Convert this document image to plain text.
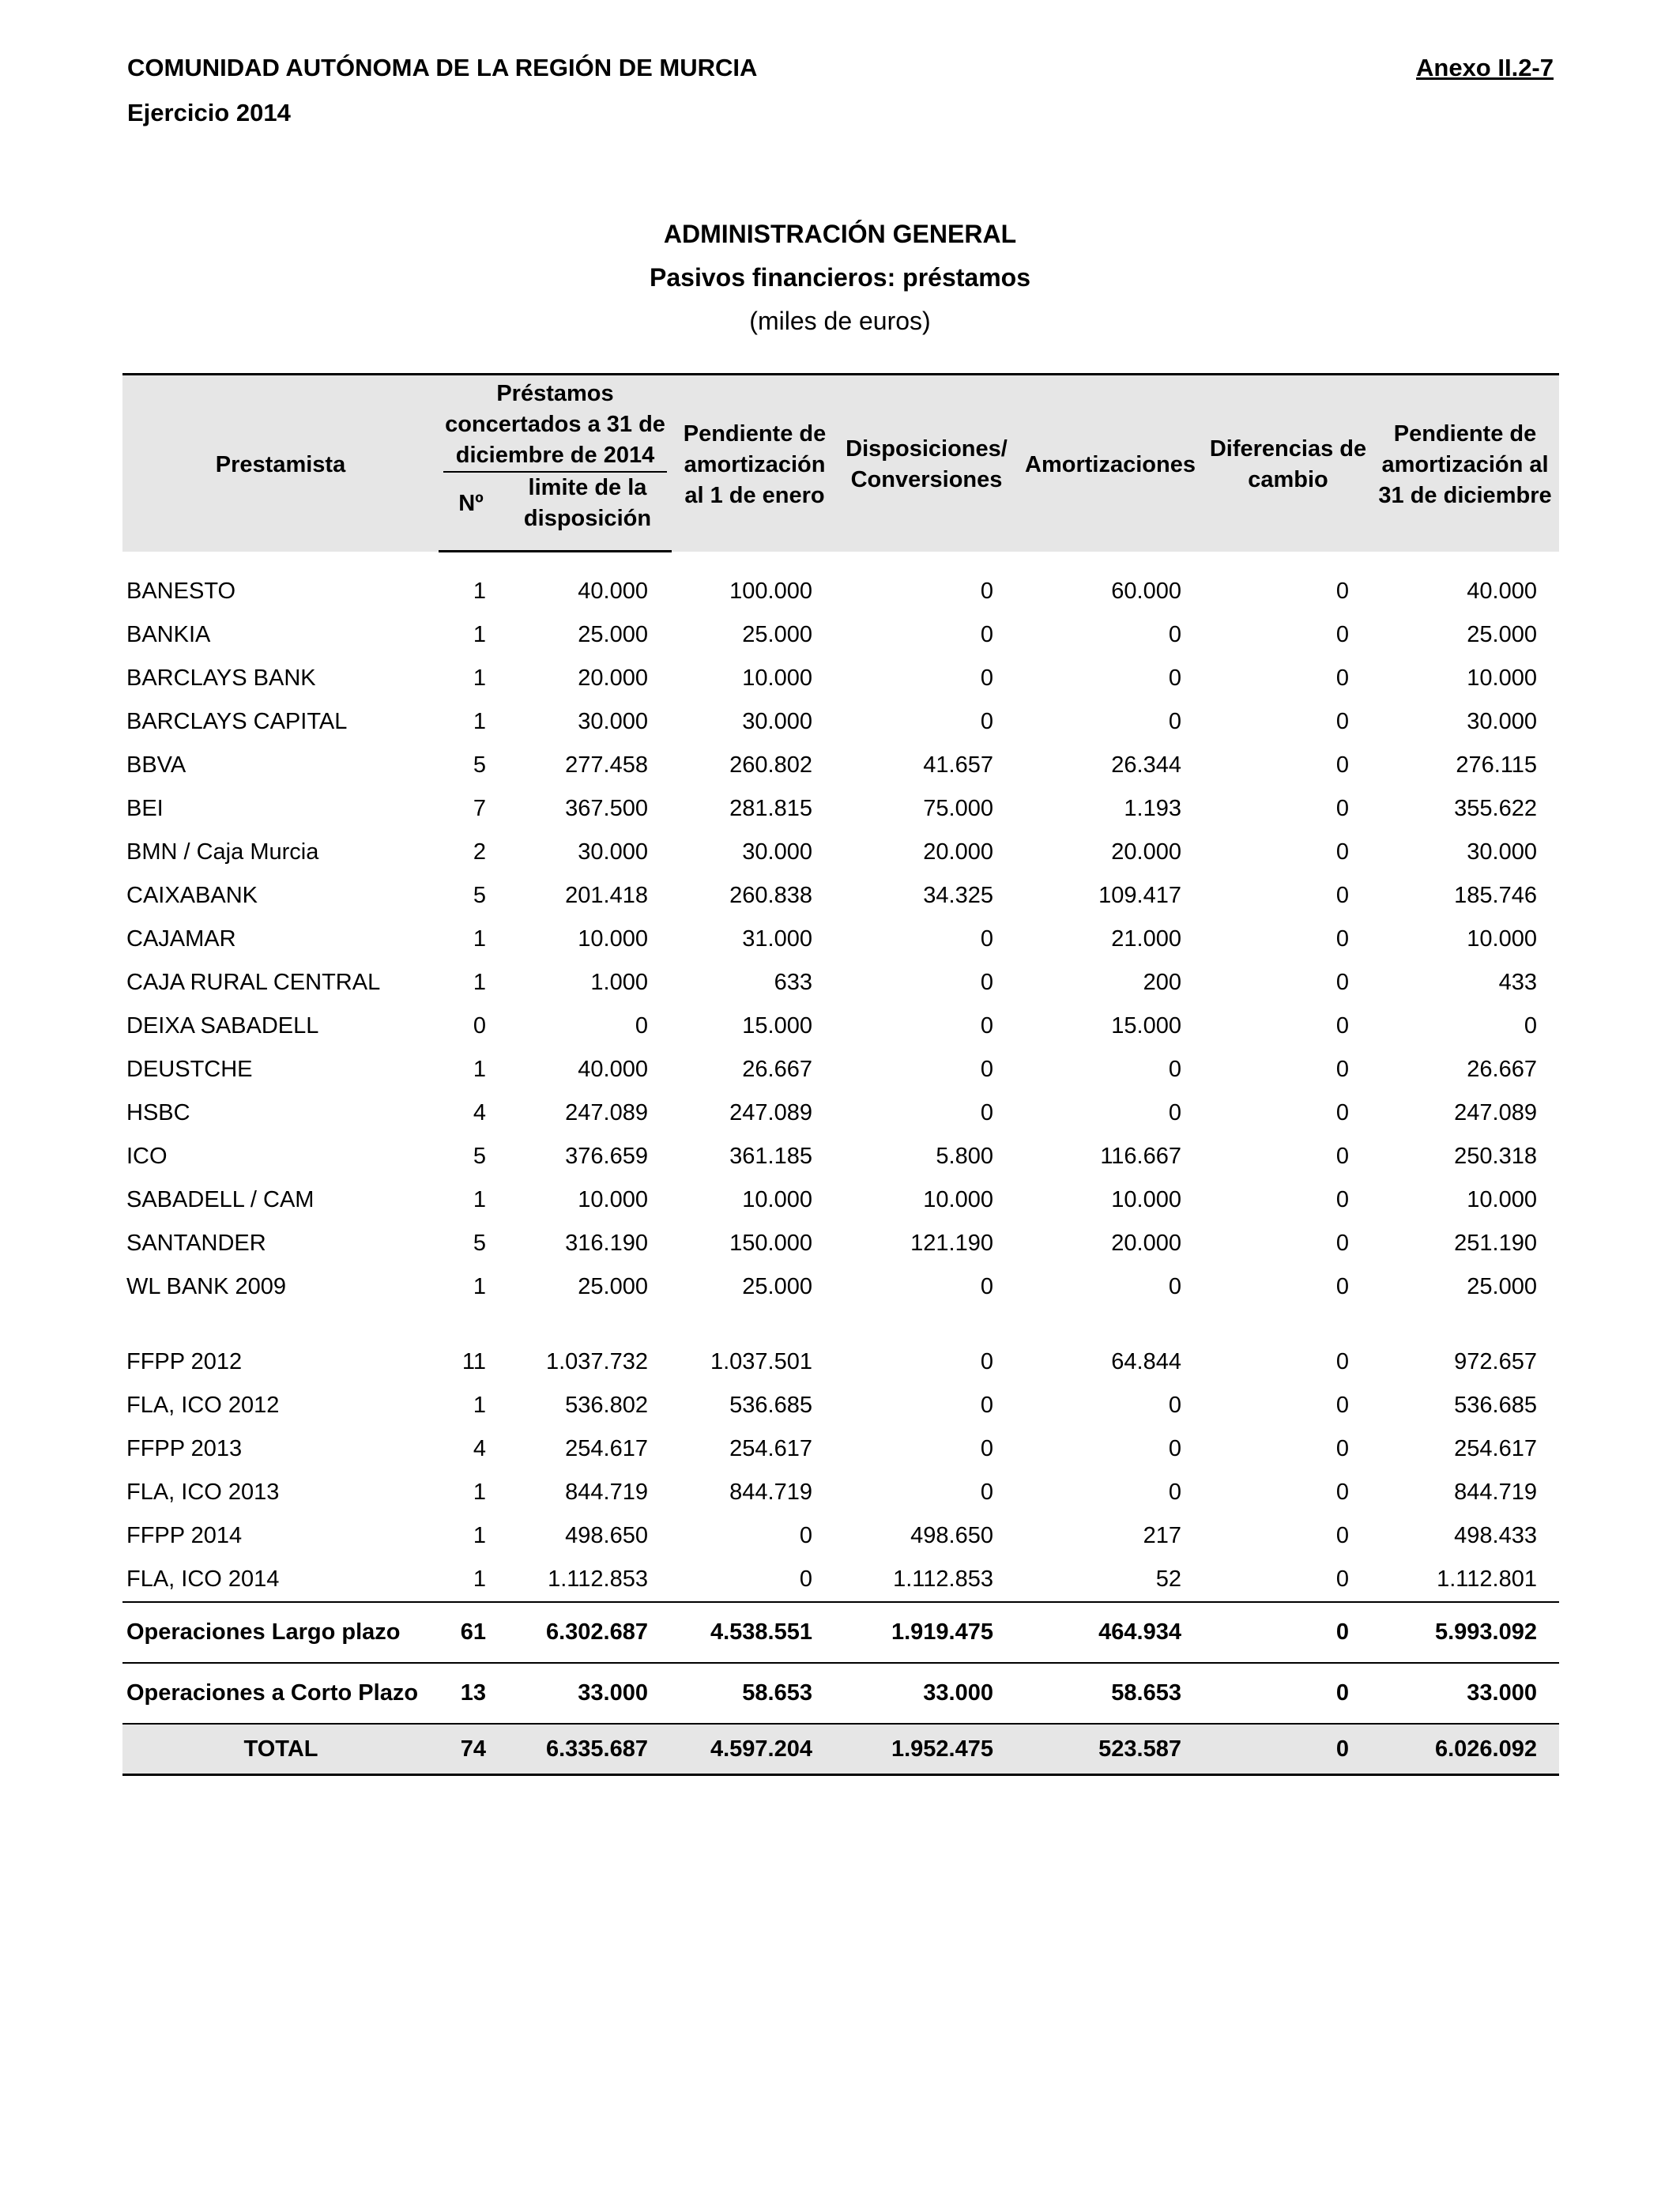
COMUNIDAD AUTÓNOMA DE LA REGIÓN DE MURCIA
Ejercicio 2014
Anexo II.2-7
ADMINISTRACIÓN GENERAL
Pasivos financieros: préstamos
(miles de euros)
Prestamista	Préstamos concertados a 31 de diciembre de 2014		Pendiente de amortización al 1 de enero	Disposiciones/ Conversiones	Amortizaciones	Diferencias de cambio	Pendiente de amortización al 31 de diciembre
	Nº	limite de la disposición					

BANESTO	1	40.000	100.000	0	60.000	0	40.000
BANKIA	1	25.000	25.000	0	0	0	25.000
BARCLAYS BANK	1	20.000	10.000	0	0	0	10.000
BARCLAYS CAPITAL	1	30.000	30.000	0	0	0	30.000
BBVA	5	277.458	260.802	41.657	26.344	0	276.115
BEI	7	367.500	281.815	75.000	1.193	0	355.622
BMN / Caja Murcia	2	30.000	30.000	20.000	20.000	0	30.000
CAIXABANK	5	201.418	260.838	34.325	109.417	0	185.746
CAJAMAR	1	10.000	31.000	0	21.000	0	10.000
CAJA RURAL CENTRAL	1	1.000	633	0	200	0	433
DEIXA SABADELL	0	0	15.000	0	15.000	0	0
DEUSTCHE	1	40.000	26.667	0	0	0	26.667
HSBC	4	247.089	247.089	0	0	0	247.089
ICO	5	376.659	361.185	5.800	116.667	0	250.318
SABADELL / CAM	1	10.000	10.000	10.000	10.000	0	10.000
SANTANDER	5	316.190	150.000	121.190	20.000	0	251.190
WL BANK 2009	1	25.000	25.000	0	0	0	25.000

FFPP 2012	11	1.037.732	1.037.501	0	64.844	0	972.657
FLA, ICO 2012	1	536.802	536.685	0	0	0	536.685
FFPP 2013	4	254.617	254.617	0	0	0	254.617
FLA, ICO 2013	1	844.719	844.719	0	0	0	844.719
FFPP 2014	1	498.650	0	498.650	217	0	498.433
FLA, ICO 2014	1	1.112.853	0	1.112.853	52	0	1.112.801
Operaciones Largo plazo	61	6.302.687	4.538.551	1.919.475	464.934	0	5.993.092
Operaciones a Corto Plazo	13	33.000	58.653	33.000	58.653	0	33.000
TOTAL	74	6.335.687	4.597.204	1.952.475	523.587	0	6.026.092
